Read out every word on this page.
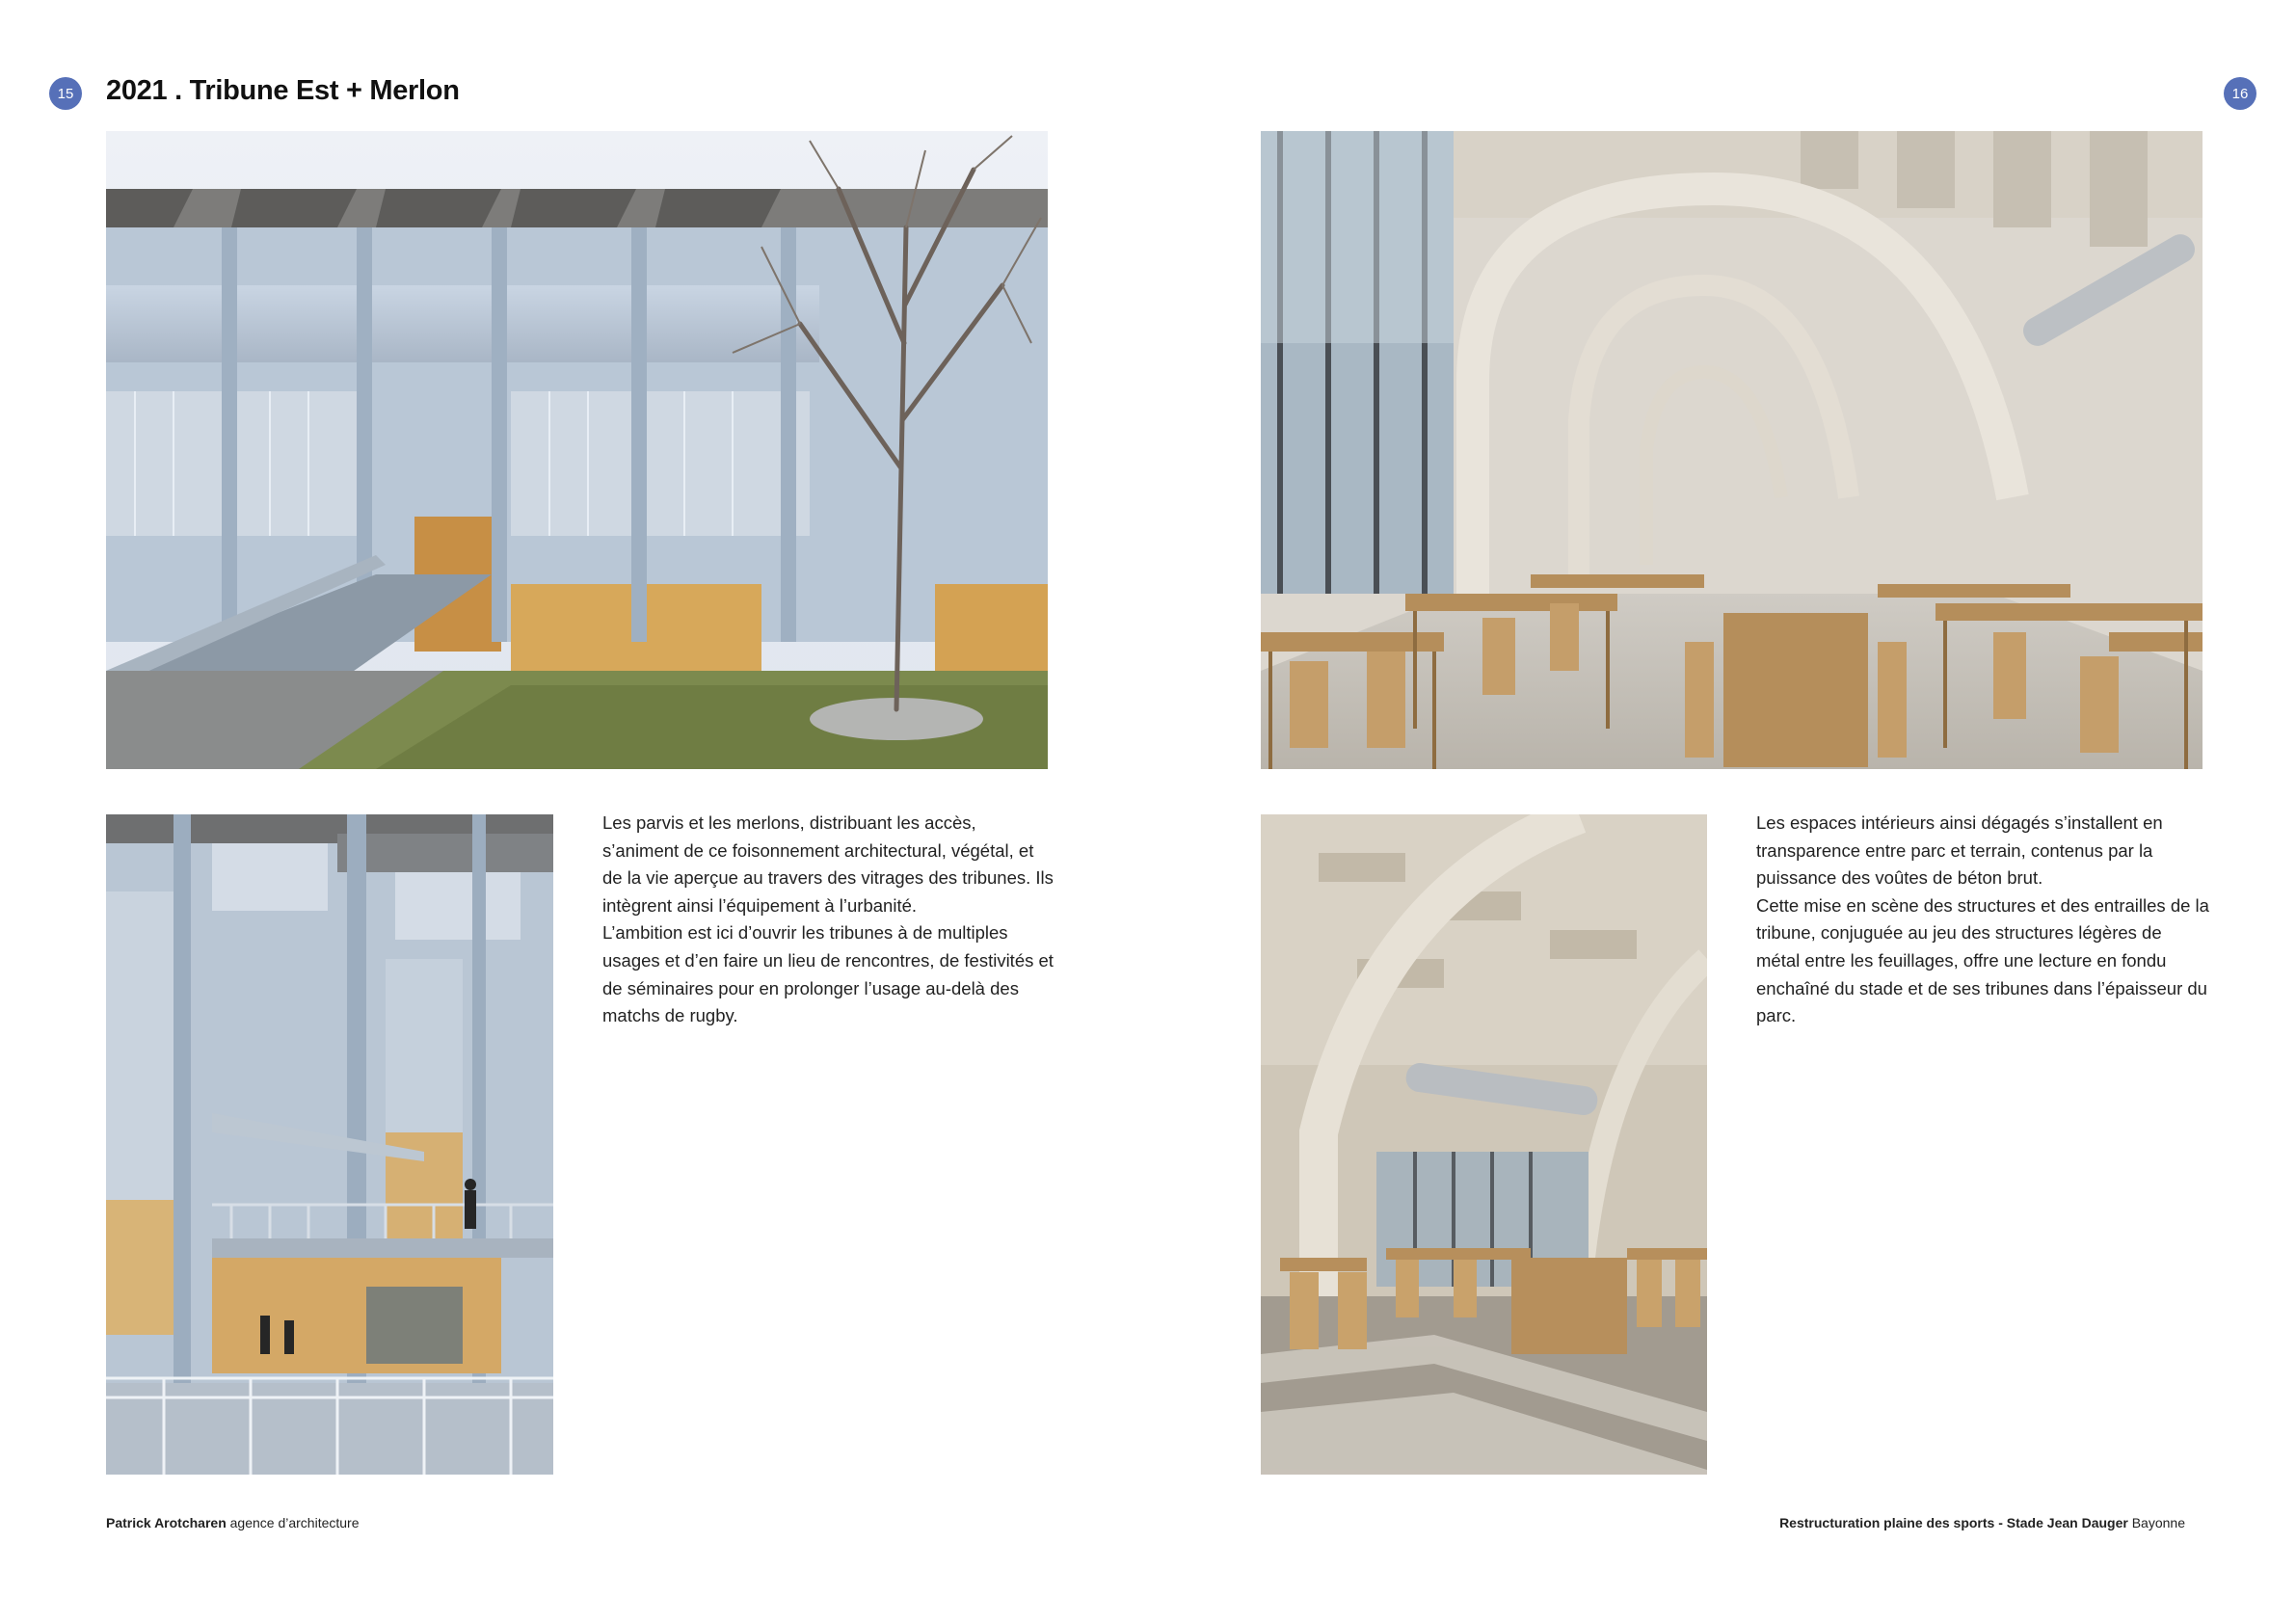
15 2021 . Tribune Est + Merlon	16

Les parvis et les merlons, distribuant les accès, s’animent de ce foisonnement architectural, végétal, et de la vie aperçue au travers des vitrages des tribunes. Ils intègrent ainsi l’équipement à l’urbanité.

L’ambition est ici d’ouvrir les tribunes à de multiples usages et d’en faire un lieu de rencontres, de festivités et de séminaires pour en prolonger l’usage au-delà des matchs de rugby.

Les espaces intérieurs ainsi dégagés s’installent en transparence entre parc et terrain, contenus par la puissance des voûtes de béton brut.

Cette mise en scène des structures et des entrailles de la tribune, conjuguée au jeu des structures légères de métal entre les feuillages, offre une lecture en fondu enchaîné du stade et de ses tribunes dans l’épaisseur du parc.

Patrick Arotcharen agence d’architecture	Restructuration plaine des sports - Stade Jean Dauger Bayonne
